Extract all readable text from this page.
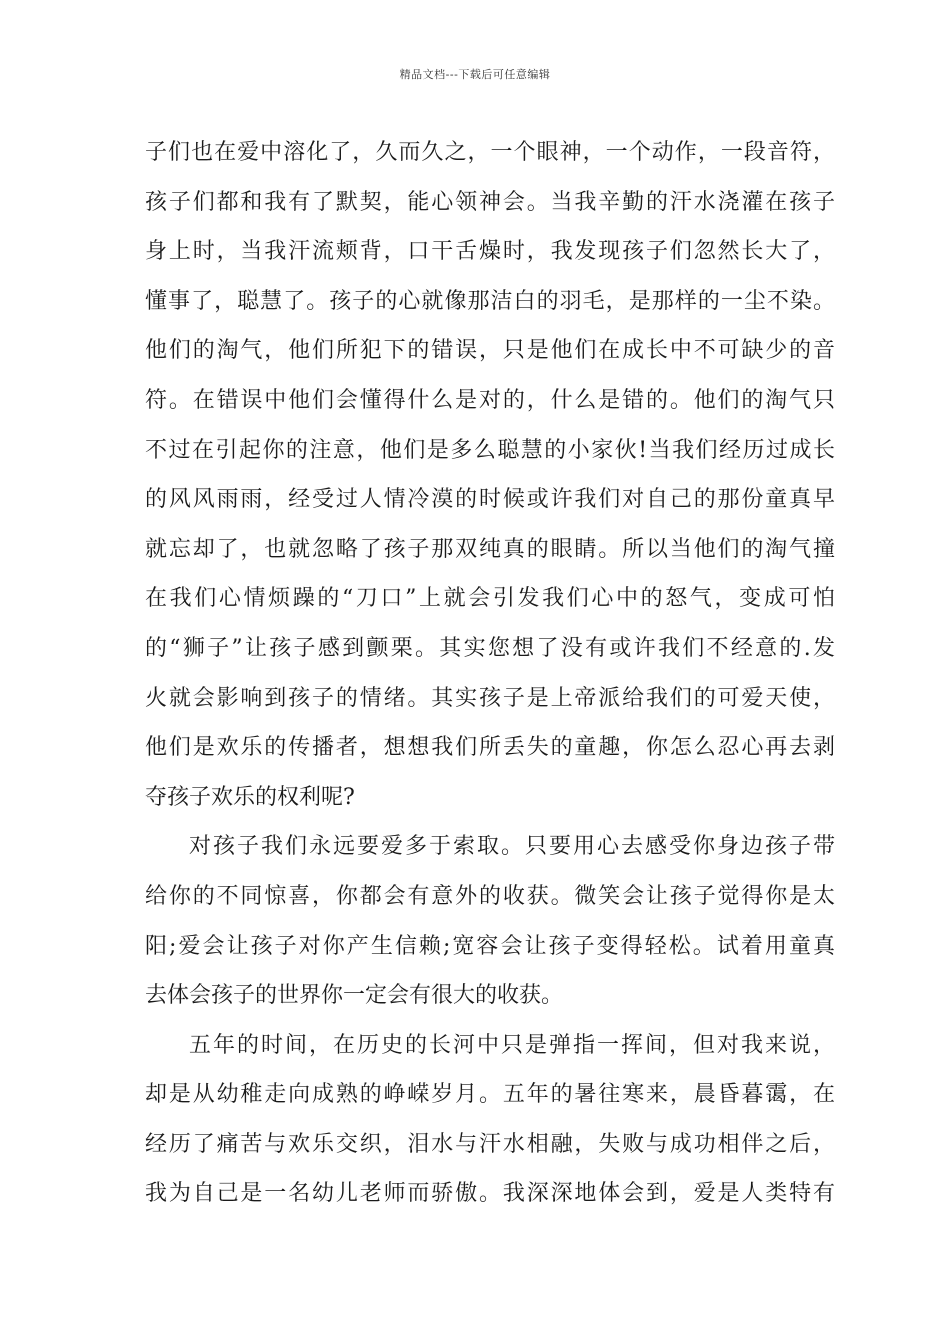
精品文档---下载后可任意编辑
子们也在爱中溶化了，久而久之，一个眼神，一个动作，一段音符，
孩子们都和我有了默契，能心领神会。当我辛勤的汗水浇灌在孩子
身上时，当我汗流颊背，口干舌燥时，我发现孩子们忽然长大了，
懂事了，聪慧了。孩子的心就像那洁白的羽毛，是那样的一尘不染。
他们的淘气，他们所犯下的错误，只是他们在成长中不可缺少的音
符。在错误中他们会懂得什么是对的，什么是错的。他们的淘气只
不过在引起你的注意，他们是多么聪慧的小家伙!当我们经历过成长
的风风雨雨，经受过人情冷漠的时候或许我们对自己的那份童真早
就忘却了，也就忽略了孩子那双纯真的眼睛。所以当他们的淘气撞
在我们心情烦躁的“刀口”上就会引发我们心中的怒气，变成可怕
的“狮子”让孩子感到颤栗。其实您想了没有或许我们不经意的.发
火就会影响到孩子的情绪。其实孩子是上帝派给我们的可爱天使，
他们是欢乐的传播者，想想我们所丢失的童趣，你怎么忍心再去剥
夺孩子欢乐的权利呢?
对孩子我们永远要爱多于索取。只要用心去感受你身边孩子带
给你的不同惊喜，你都会有意外的收获。微笑会让孩子觉得你是太
阳;爱会让孩子对你产生信赖;宽容会让孩子变得轻松。试着用童真
去体会孩子的世界你一定会有很大的收获。
五年的时间，在历史的长河中只是弹指一挥间，但对我来说，
却是从幼稚走向成熟的峥嵘岁月。五年的暑往寒来，晨昏暮霭，在
经历了痛苦与欢乐交织，泪水与汗水相融，失败与成功相伴之后，
我为自己是一名幼儿老师而骄傲。我深深地体会到，爱是人类特有
